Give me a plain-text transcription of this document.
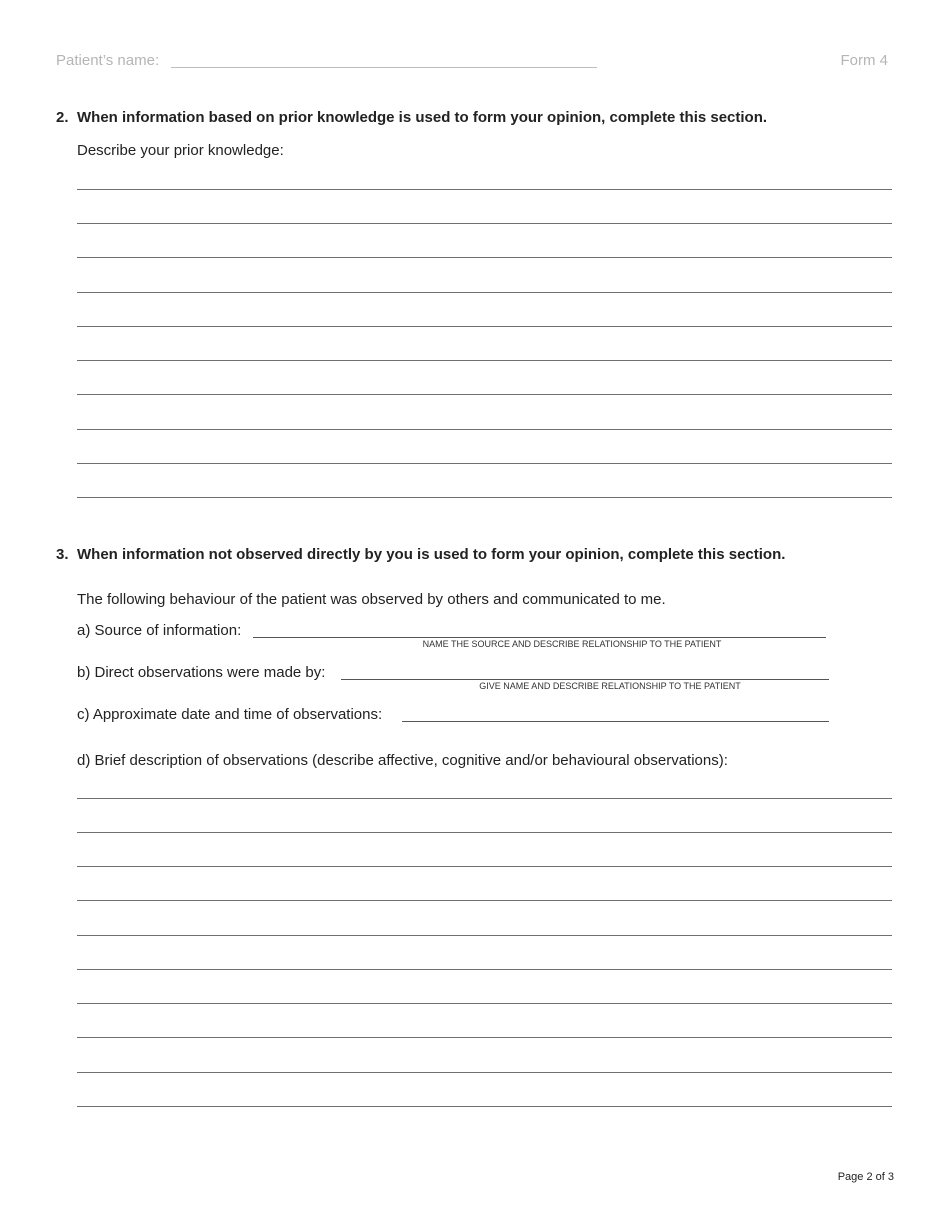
Patient’s name:	Form 4
2. When information based on prior knowledge is used to form your opinion, complete this section.
Describe your prior knowledge:
3. When information not observed directly by you is used to form your opinion, complete this section.
The following behaviour of the patient was observed by others and communicated to me.
a) Source of information:
NAME THE SOURCE AND DESCRIBE RELATIONSHIP TO THE PATIENT
b) Direct observations were made by:
GIVE NAME AND DESCRIBE RELATIONSHIP TO THE PATIENT
c) Approximate date and time of observations:
d) Brief description of observations (describe affective, cognitive and/or behavioural observations):
Page 2 of 3
